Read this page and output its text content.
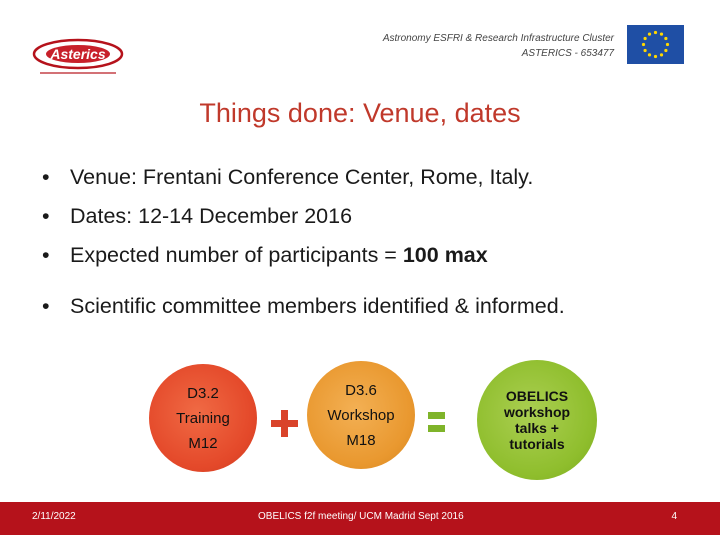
Asterics
Astronomy ESFRI & Research Infrastructure Cluster
ASTERICS - 653477
Things done: Venue, dates
• Venue: Frentani Conference Center, Rome, Italy.
• Dates: 12-14 December 2016
• Expected number of participants = 100 max
• Scientific committee members identified & informed.
D3.2
Training
M12
D3.6
Workshop
M18
OBELICS
workshop
talks +
tutorials
2/11/2022	OBELICS f2f meeting/ UCM Madrid Sept 2016	4
